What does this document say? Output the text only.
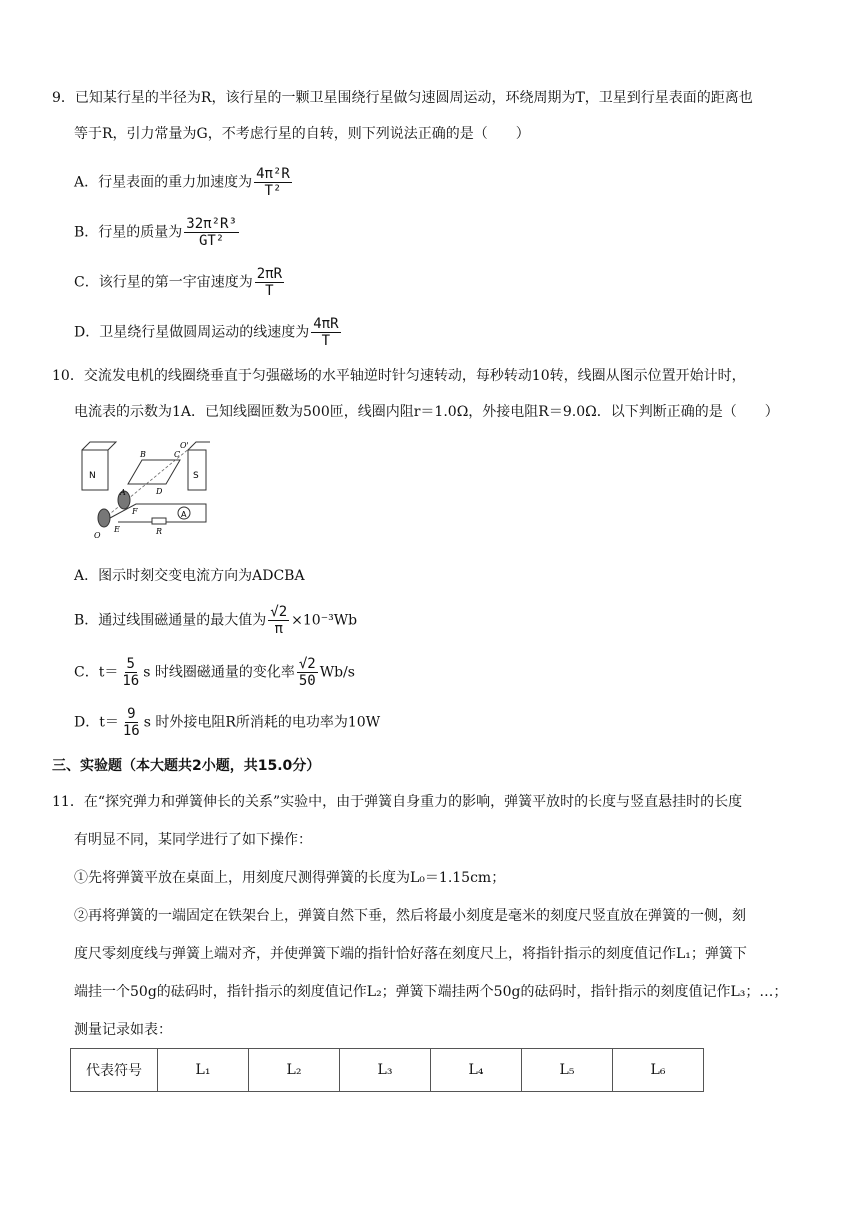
9．已知某行星的半径为R，该行星的一颗卫星围绕行星做匀速圆周运动，环绕周期为T，卫星到行星表面的距离也
等于R，引力常量为G，不考虑行星的自转，则下列说法正确的是（　　）
A．行星表面的重力加速度为 $\frac{\text{4π²R}}{\text{T²}}$
B．行星的质量为 $\frac{\text{32π²R³}}{\text{GT²}}$
C．该行星的第一宇宙速度为 $\frac{2\pi R}{T}$
D．卫星绕行星做圆周运动的线速度为 $\frac{4\pi R}{T}$
10．交流发电机的线圈绕垂直于匀强磁场的水平轴逆时针匀速转动，每秒转动10转，线圈从图示位置开始计时，
电流表的示数为1A．已知线圈匝数为500匝，线圈内阻r＝1.0Ω，外接电阻R＝9.0Ω．以下判断正确的是（　　）
N	S
A
B	C
O'
A	D
F
E
O	R
A．图示时刻交变电流方向为ADCBA
B．通过线围磁通量的最大值为 $\frac{√2}{\pi} \times 10^{-3}Wb$
C．$t= \frac{5}{16}$ s 时线圈磁通量的变化率 $\frac{√2}{50} Wb/s$
D．$t= \frac{9}{16}$ s 时外接电阻R所消耗的电功率为10W
三、实验题（本大题共2小题，共15.0分）
11．在“探究弹力和弹簧伸长的关系”实验中，由于弹簧自身重力的影响，弹簧平放时的长度与竖直悬挂时的长度
有明显不同，某同学进行了如下操作：
①先将弹簧平放在桌面上，用刻度尺测得弹簧的长度为L₀＝1.15cm；
②再将弹簧的一端固定在铁架台上，弹簧自然下垂，然后将最小刻度是毫米的刻度尺竖直放在弹簧的一侧，刻
度尺零刻度线与弹簧上端对齐，并使弹簧下端的指针恰好落在刻度尺上，将指针指示的刻度值记作L₁；弹簧下
端挂一个50g的砝码时，指针指示的刻度值记作L₂；弹簧下端挂两个50g的砝码时，指针指示的刻度值记作L₃；…；
测量记录如表：
代表符号	L₁	L₂	L₃	L₄	L₅	L₆
